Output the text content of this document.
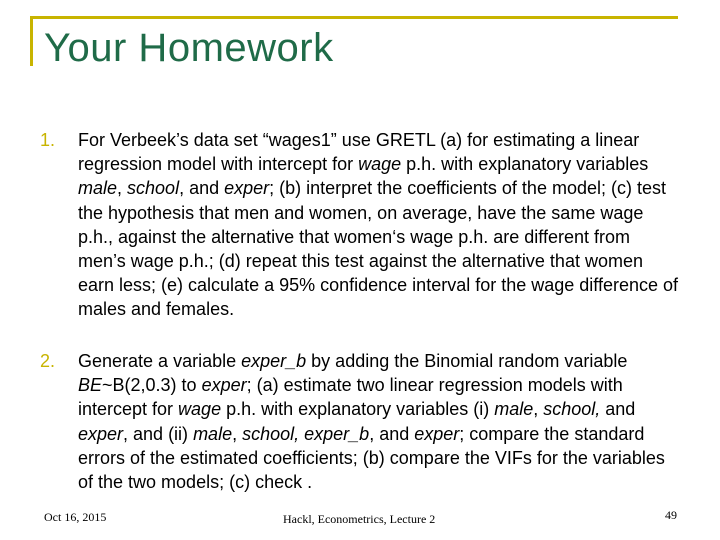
Your Homework
1.	For Verbeek’s data set “wages1” use GRETL (a) for estimating a linear regression model with intercept for wage p.h. with explanatory variables male, school, and exper; (b) interpret the coefficients of the model; (c) test the hypothesis that men and women, on average, have the same wage p.h., against the alternative that women‘s wage p.h. are different from men’s wage p.h.; (d) repeat this test against the alternative that women earn less; (e) calculate a 95% confidence interval for the wage difference of males and females.
2.	Generate a variable exper_b by adding the Binomial random variable BE~B(2,0.3) to exper; (a) estimate two linear regression models with intercept for wage p.h. with explanatory variables (i) male, school, and exper, and (ii) male, school, exper_b, and exper; compare the standard errors of the estimated coefficients; (b) compare the VIFs for the variables of the two models; (c) check .
Oct 16, 2015	Hackl, Econometrics, Lecture 2	49
